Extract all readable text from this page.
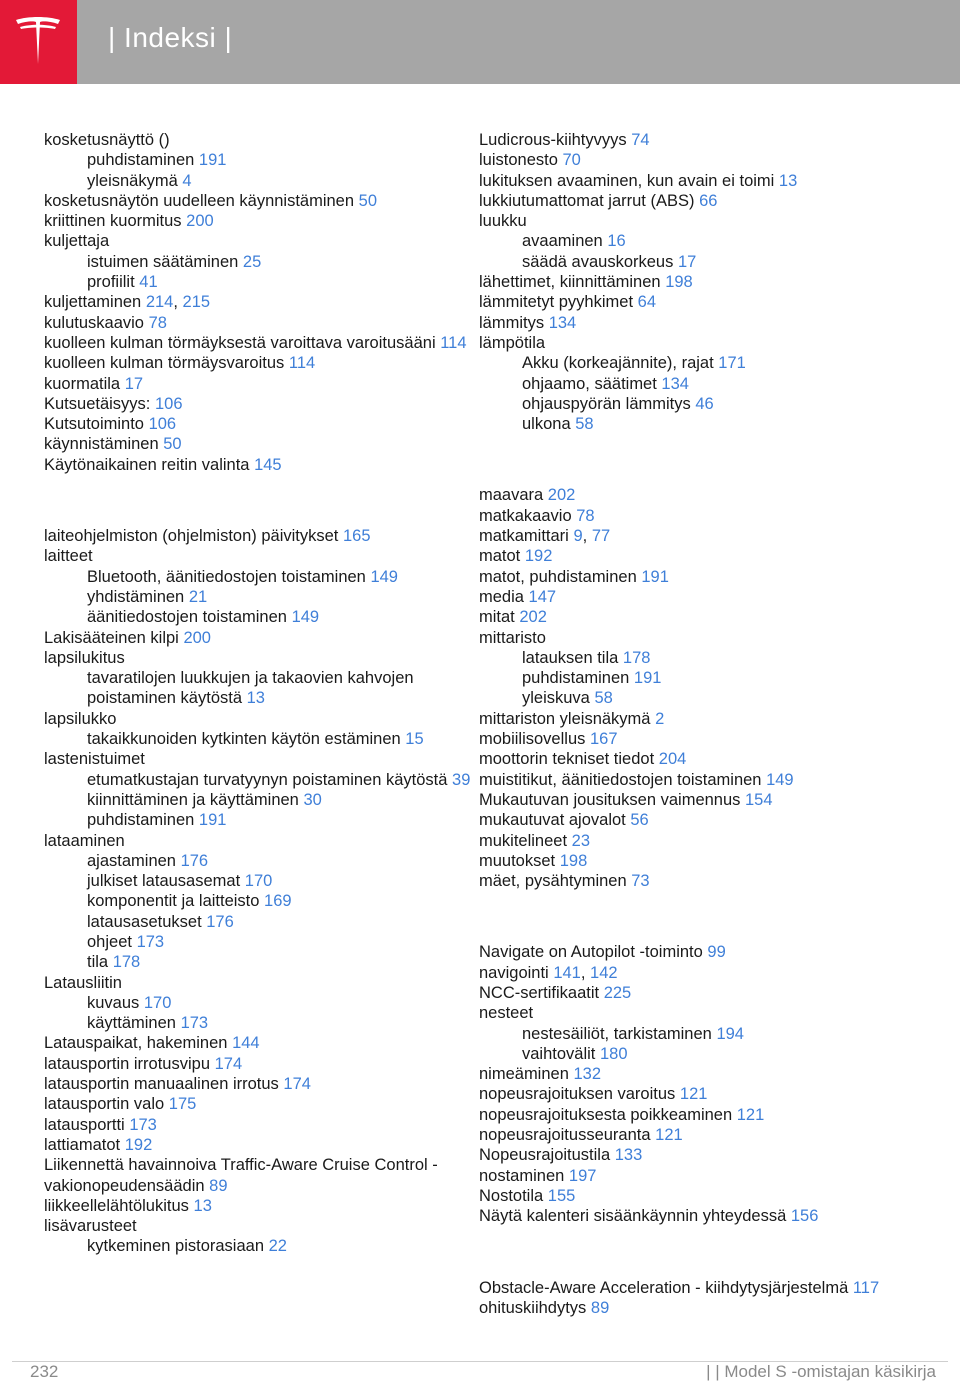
| Indeksi |
kosketusnäyttö ()
puhdistaminen 191
yleisnäkymä 4
kosketusnäytön uudelleen käynnistäminen 50
kriittinen kuormitus 200
kuljettaja
istuimen säätäminen 25
profiilit 41
kuljettaminen 214, 215
kulutuskaavio 78
kuolleen kulman törmäyksestä varoittava varoitusääni 114
kuolleen kulman törmäysvaroitus 114
kuormatila 17
Kutsuetäisyys: 106
Kutsutoiminto 106
käynnistäminen 50
Käytönaikainen reitin valinta 145
laiteohjelmiston (ohjelmiston) päivitykset 165
laitteet
Bluetooth, äänitiedostojen toistaminen 149
yhdistäminen 21
äänitiedostojen toistaminen 149
Lakisääteinen kilpi 200
lapsilukitus
tavaratilojen luukkujen ja takaovien kahvojen poistaminen käytöstä 13
lapsilukko
takaikkunoiden kytkinten käytön estäminen 15
lastenistuimet
etumatkustajan turvatyynyn poistaminen käytöstä 39
kiinnittäminen ja käyttäminen 30
puhdistaminen 191
lataaminen
ajastaminen 176
julkiset latausasemat 170
komponentit ja laitteisto 169
latausasetukset 176
ohjeet 173
tila 178
Latausliitin
kuvaus 170
käyttäminen 173
Latauspaikat, hakeminen 144
latausportin irrotusvipu 174
latausportin manuaalinen irrotus 174
latausportin valo 175
latausportti 173
lattiamatot 192
Liikennettä havainnoiva Traffic-Aware Cruise Control -vakionopeudensäädin 89
liikkeellelähtölukitus 13
lisävarusteet
kytkeminen pistorasiaan 22
Ludicrous-kiihtyvyys 74
luistonesto 70
lukituksen avaaminen, kun avain ei toimi 13
lukkiutumattomat jarrut (ABS) 66
luukku
avaaminen 16
säädä avauskorkeus 17
lähettimet, kiinnittäminen 198
lämmitetyt pyyhkimet 64
lämmitys 134
lämpötila
Akku (korkeajännite), rajat 171
ohjaamo, säätimet 134
ohjauspyörän lämmitys 46
ulkona 58
maavara 202
matkakaavio 78
matkamittari 9, 77
matot 192
matot, puhdistaminen 191
media 147
mitat 202
mittaristo
latauksen tila 178
puhdistaminen 191
yleiskuva 58
mittariston yleisnäkymä 2
mobiilisovellus 167
moottorin tekniset tiedot 204
muistitikut, äänitiedostojen toistaminen 149
Mukautuvan jousituksen vaimennus 154
mukautuvat ajovalot 56
mukitelineet 23
muutokset 198
mäet, pysähtyminen 73
Navigate on Autopilot -toiminto 99
navigointi 141, 142
NCC-sertifikaatit 225
nesteet
nestesäiliöt, tarkistaminen 194
vaihtovälit 180
nimeäminen 132
nopeusrajoituksen varoitus 121
nopeusrajoituksesta poikkeaminen 121
nopeusrajoitusseuranta 121
Nopeusrajoitustila 133
nostaminen 197
Nostotila 155
Näytä kalenteri sisäänkäynnin yhteydessä 156
Obstacle-Aware Acceleration - kiihdytysjärjestelmä 117
ohituskiihdytys 89
232	| | Model S -omistajan käsikirja
